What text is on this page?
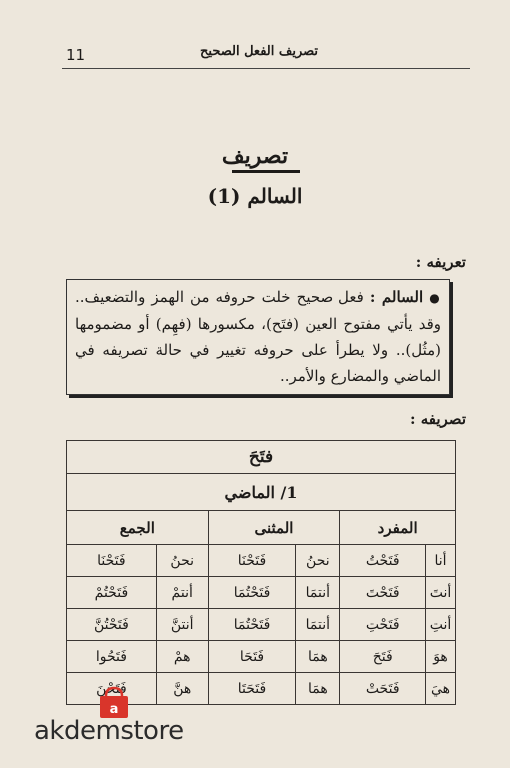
11	تصريف الفعل الصحيح
تصريف
السالم (1)
تعريفه :
● السالم : فعل صحيح خلت حروفه من الهمز والتضعيف.. وقد يأتي مفتوح العين (فتَح)، مكسورها (فهِم) أو مضمومها (مثُل).. ولا يطرأ على حروفه تغيير في حالة تصريفه في الماضي والمضارع والأمر..
تصريفه :
فتَحَ					
1/ الماضي					
المفرد		المثنى		الجمع	
أنا	فَتَحْتُ	نحنُ	فَتَحْنَا	نحنُ	فَتَحْنَا
أنتَ	فَتَحْتَ	أنتمَا	فَتَحْتُمَا	أنتمْ	فَتَحْتُمْ
أنتِ	فَتَحْتِ	أنتمَا	فَتَحْتُمَا	أنتنَّ	فَتَحْتُنَّ
هوَ	فَتَحَ	همَا	فَتَحَا	همْ	فَتَحُوا
هيَ	فَتَحَتْ	همَا	فَتَحَتَا	هنَّ	فَتَحْنَ
a
akdemstore
